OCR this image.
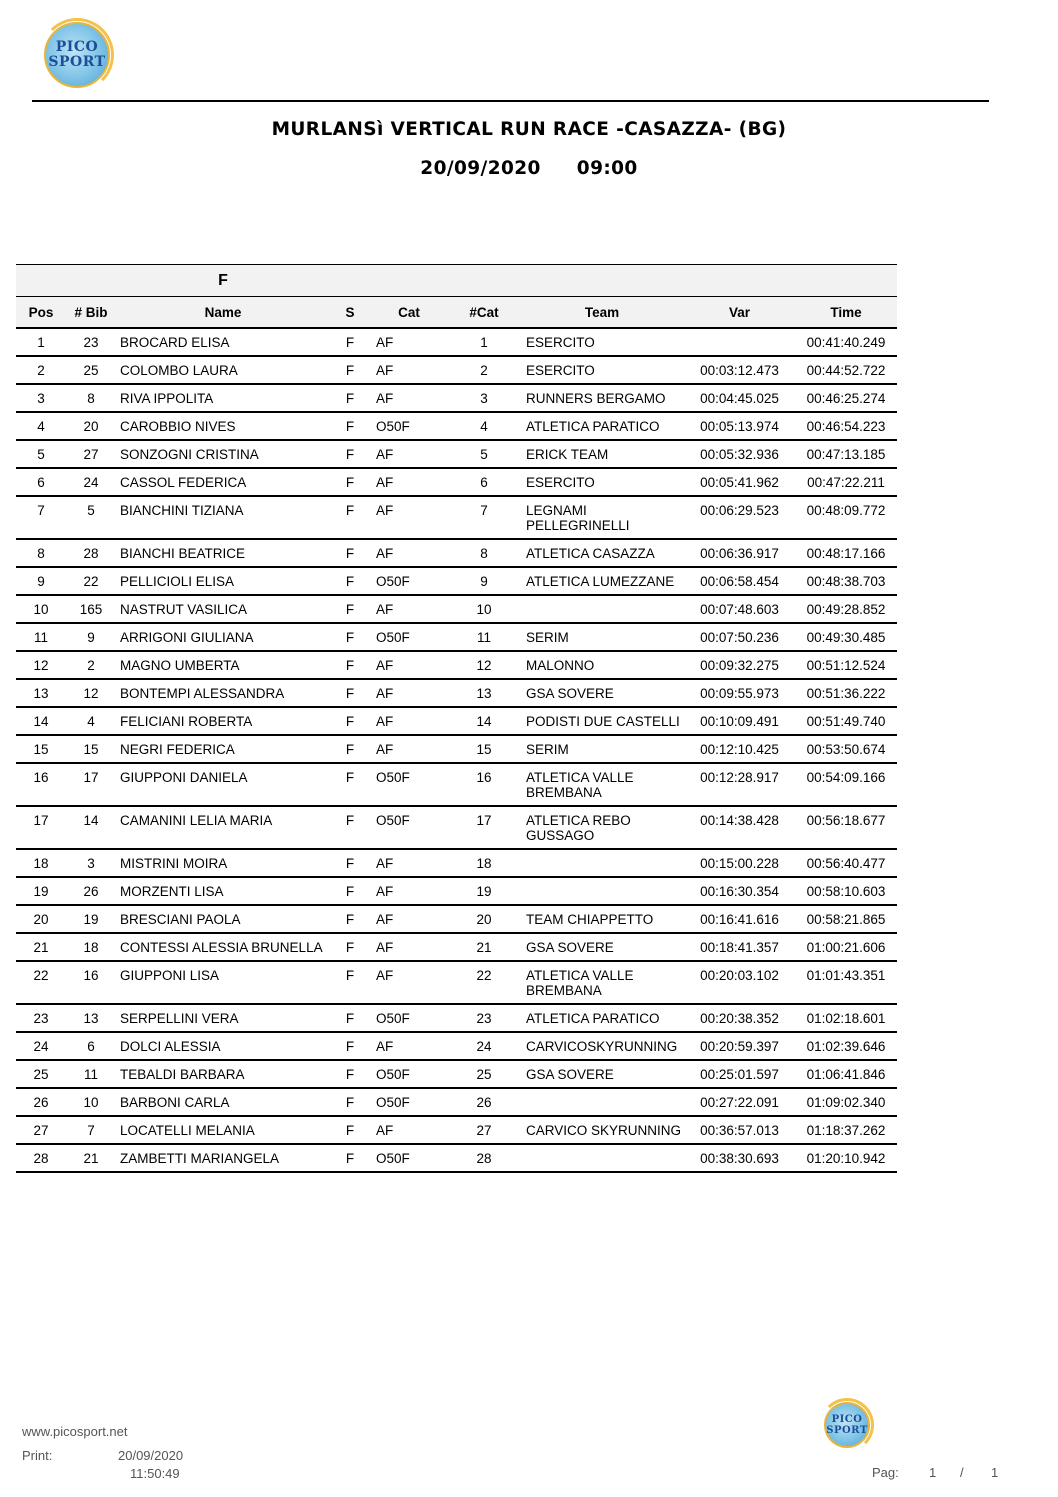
PICO
SPORT
MURLANSì VERTICAL RUN RACE -CASAZZA- (BG)
20/09/2020 09:00
		F						
Pos	# Bib	Name	S	Cat	#Cat	Team	Var	Time
1	23	BROCARD ELISA	F	AF	1	ESERCITO		00:41:40.249
2	25	COLOMBO LAURA	F	AF	2	ESERCITO	00:03:12.473	00:44:52.722
3	8	RIVA IPPOLITA	F	AF	3	RUNNERS BERGAMO	00:04:45.025	00:46:25.274
4	20	CAROBBIO NIVES	F	O50F	4	ATLETICA PARATICO	00:05:13.974	00:46:54.223
5	27	SONZOGNI CRISTINA	F	AF	5	ERICK TEAM	00:05:32.936	00:47:13.185
6	24	CASSOL FEDERICA	F	AF	6	ESERCITO	00:05:41.962	00:47:22.211
7	5	BIANCHINI TIZIANA	F	AF	7	LEGNAMI PELLEGRINELLI	00:06:29.523	00:48:09.772
8	28	BIANCHI BEATRICE	F	AF	8	ATLETICA CASAZZA	00:06:36.917	00:48:17.166
9	22	PELLICIOLI ELISA	F	O50F	9	ATLETICA LUMEZZANE	00:06:58.454	00:48:38.703
10	165	NASTRUT VASILICA	F	AF	10		00:07:48.603	00:49:28.852
11	9	ARRIGONI GIULIANA	F	O50F	11	SERIM	00:07:50.236	00:49:30.485
12	2	MAGNO UMBERTA	F	AF	12	MALONNO	00:09:32.275	00:51:12.524
13	12	BONTEMPI ALESSANDRA	F	AF	13	GSA SOVERE	00:09:55.973	00:51:36.222
14	4	FELICIANI ROBERTA	F	AF	14	PODISTI DUE CASTELLI	00:10:09.491	00:51:49.740
15	15	NEGRI FEDERICA	F	AF	15	SERIM	00:12:10.425	00:53:50.674
16	17	GIUPPONI DANIELA	F	O50F	16	ATLETICA VALLE BREMBANA	00:12:28.917	00:54:09.166
17	14	CAMANINI LELIA MARIA	F	O50F	17	ATLETICA REBO GUSSAGO	00:14:38.428	00:56:18.677
18	3	MISTRINI MOIRA	F	AF	18		00:15:00.228	00:56:40.477
19	26	MORZENTI LISA	F	AF	19		00:16:30.354	00:58:10.603
20	19	BRESCIANI PAOLA	F	AF	20	TEAM CHIAPPETTO	00:16:41.616	00:58:21.865
21	18	CONTESSI ALESSIA BRUNELLA	F	AF	21	GSA SOVERE	00:18:41.357	01:00:21.606
22	16	GIUPPONI LISA	F	AF	22	ATLETICA VALLE BREMBANA	00:20:03.102	01:01:43.351
23	13	SERPELLINI VERA	F	O50F	23	ATLETICA PARATICO	00:20:38.352	01:02:18.601
24	6	DOLCI ALESSIA	F	AF	24	CARVICOSKYRUNNING	00:20:59.397	01:02:39.646
25	11	TEBALDI BARBARA	F	O50F	25	GSA SOVERE	00:25:01.597	01:06:41.846
26	10	BARBONI CARLA	F	O50F	26		00:27:22.091	01:09:02.340
27	7	LOCATELLI MELANIA	F	AF	27	CARVICO SKYRUNNING	00:36:57.013	01:18:37.262
28	21	ZAMBETTI MARIANGELA	F	O50F	28		00:38:30.693	01:20:10.942
PICO
SPORT
www.picosport.net
Print:	20/09/2020
11:50:49	Pag: 1 / 1
